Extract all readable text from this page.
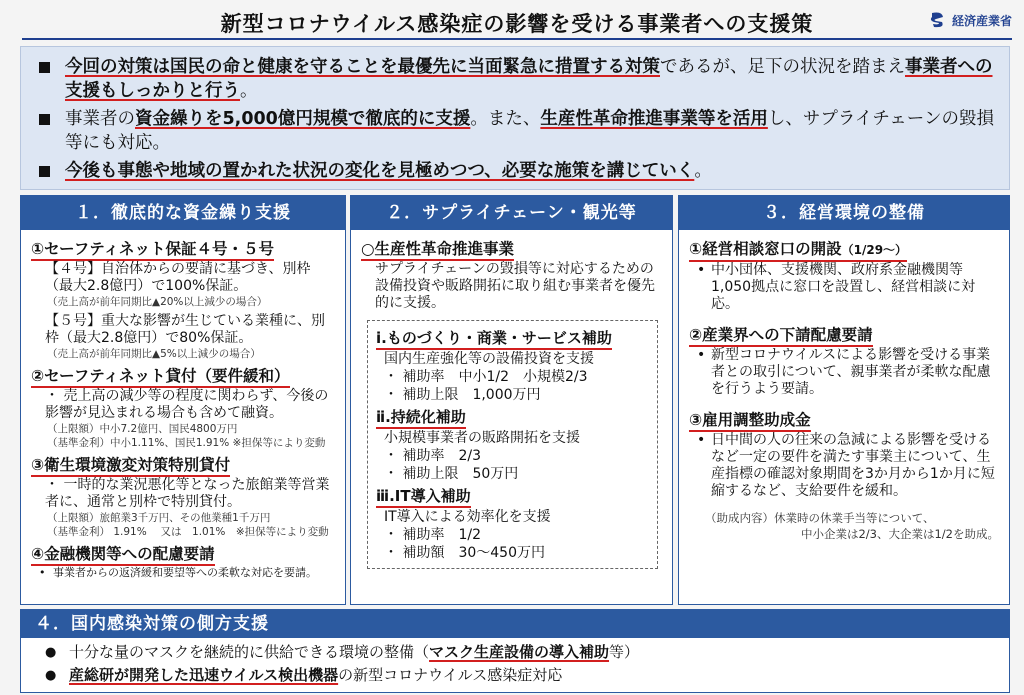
新型コロナウイルス感染症の影響を受ける事業者への支援策	経済産業省
今回の対策は国民の命と健康を守ることを最優先に当面緊急に措置する対策であるが、足下の状況を踏まえ事業者への支援もしっかりと行う。
事業者の資金繰りを5,000億円規模で徹底的に支援。また、生産性革命推進事業等を活用し、サプライチェーンの毀損等にも対応。
今後も事態や地域の置かれた状況の変化を見極めつつ、必要な施策を講じていく。
１．徹底的な資金繰り支援
①セーフティネット保証４号・５号
【４号】自治体からの要請に基づき、別枠（最大2.8億円）で100%保証。
（売上高が前年同期比▲20%以上減少の場合）
【５号】重大な影響が生じている業種に、別枠（最大2.8億円）で80%保証。
（売上高が前年同期比▲5%以上減少の場合）
②セーフティネット貸付（要件緩和）
・ 売上高の減少等の程度に関わらず、今後の影響が見込まれる場合も含めて融資。
（上限額）中小7.2億円、国民4800万円
（基準金利）中小1.11%、国民1.91% ※担保等により変動
③衛生環境激変対策特別貸付
・ 一時的な業況悪化等となった旅館業等営業者に、通常と別枠で特別貸付。
（上限額）旅館業3千万円、その他業種1千万円
（基準金利） 1.91%　 又は　1.01%　※担保等により変動
④金融機関等への配慮要請
• 事業者からの返済緩和要望等への柔軟な対応を要請。
２．サプライチェーン・観光等
○生産性革命推進事業
サプライチェーンの毀損等に対応するための設備投資や販路開拓に取り組む事業者を優先的に支援。
ⅰ.ものづくり・商業・サービス補助
国内生産強化等の設備投資を支援
・ 補助率　中小1/2　小規模2/3
・ 補助上限　1,000万円
ⅱ.持続化補助
小規模事業者の販路開拓を支援
・ 補助率　2/3
・ 補助上限　50万円
ⅲ.IT導入補助
IT導入による効率化を支援
・ 補助率　1/2
・ 補助額　30～450万円
３．経営環境の整備
①経営相談窓口の開設（1/29～）
• 中小団体、支援機関、政府系金融機関等1,050拠点に窓口を設置し、経営相談に対応。
②産業界への下請配慮要請
• 新型コロナウイルスによる影響を受ける事業者との取引について、親事業者が柔軟な配慮を行うよう要請。
③雇用調整助成金
• 日中間の人の往来の急減による影響を受けるなど一定の要件を満たす事業主について、生産指標の確認対象期間を3か月から1か月に短縮するなど、支給要件を緩和。
（助成内容）休業時の休業手当等について、
中小企業は2/3、大企業は1/2を助成。
４．国内感染対策の側方支援
● 十分な量のマスクを継続的に供給できる環境の整備（マスク生産設備の導入補助等）
● 産総研が開発した迅速ウイルス検出機器の新型コロナウイルス感染症対応
